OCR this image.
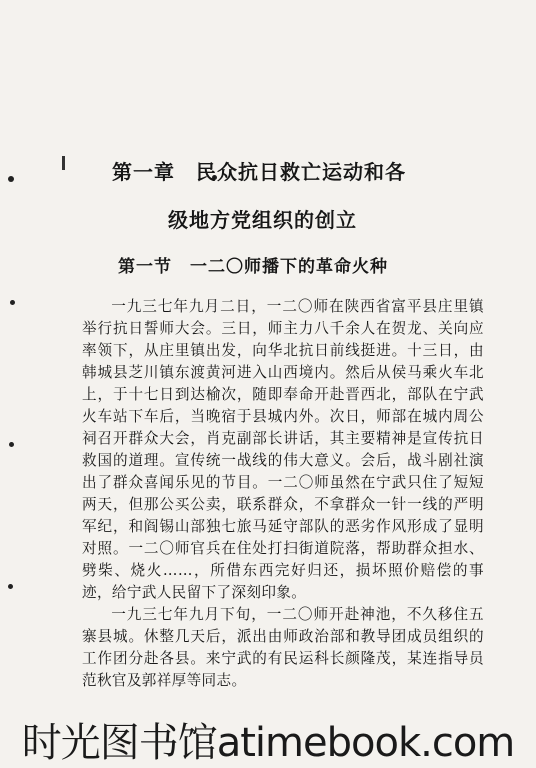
第一章　民众抗日救亡运动和各
级地方党组织的创立
第一节　一二〇师播下的革命火种

一九三七年九月二日，一二〇师在陕西省富平县庄里镇举行抗日誓师大会。三日，师主力八千余人在贺龙、关向应率领下，从庄里镇出发，向华北抗日前线挺进。十三日，由韩城县芝川镇东渡黄河进入山西境内。然后从侯马乘火车北上，于十七日到达榆次，随即奉命开赴晋西北，部队在宁武火车站下车后，当晚宿于县城内外。次日，师部在城内周公祠召开群众大会，肖克副部长讲话，其主要精神是宣传抗日救国的道理。宣传统一战线的伟大意义。会后，战斗剧社演出了群众喜闻乐见的节目。一二〇师虽然在宁武只住了短短两天，但那公买公卖，联系群众，不拿群众一针一线的严明军纪，和阎锡山部独七旅马延守部队的恶劣作风形成了显明对照。一二〇师官兵在住处打扫街道院落，帮助群众担水、劈柴、烧火……，所借东西完好归还，损坏照价赔偿的事迹，给宁武人民留下了深刻印象。

一九三七年九月下旬，一二〇师开赴神池，不久移住五寨县城。休整几天后，派出由师政治部和教导团成员组织的工作团分赴各县。来宁武的有民运科长颜隆茂，某连指导员范秋官及郭祥厚等同志。

时光图书馆atimebook.com
